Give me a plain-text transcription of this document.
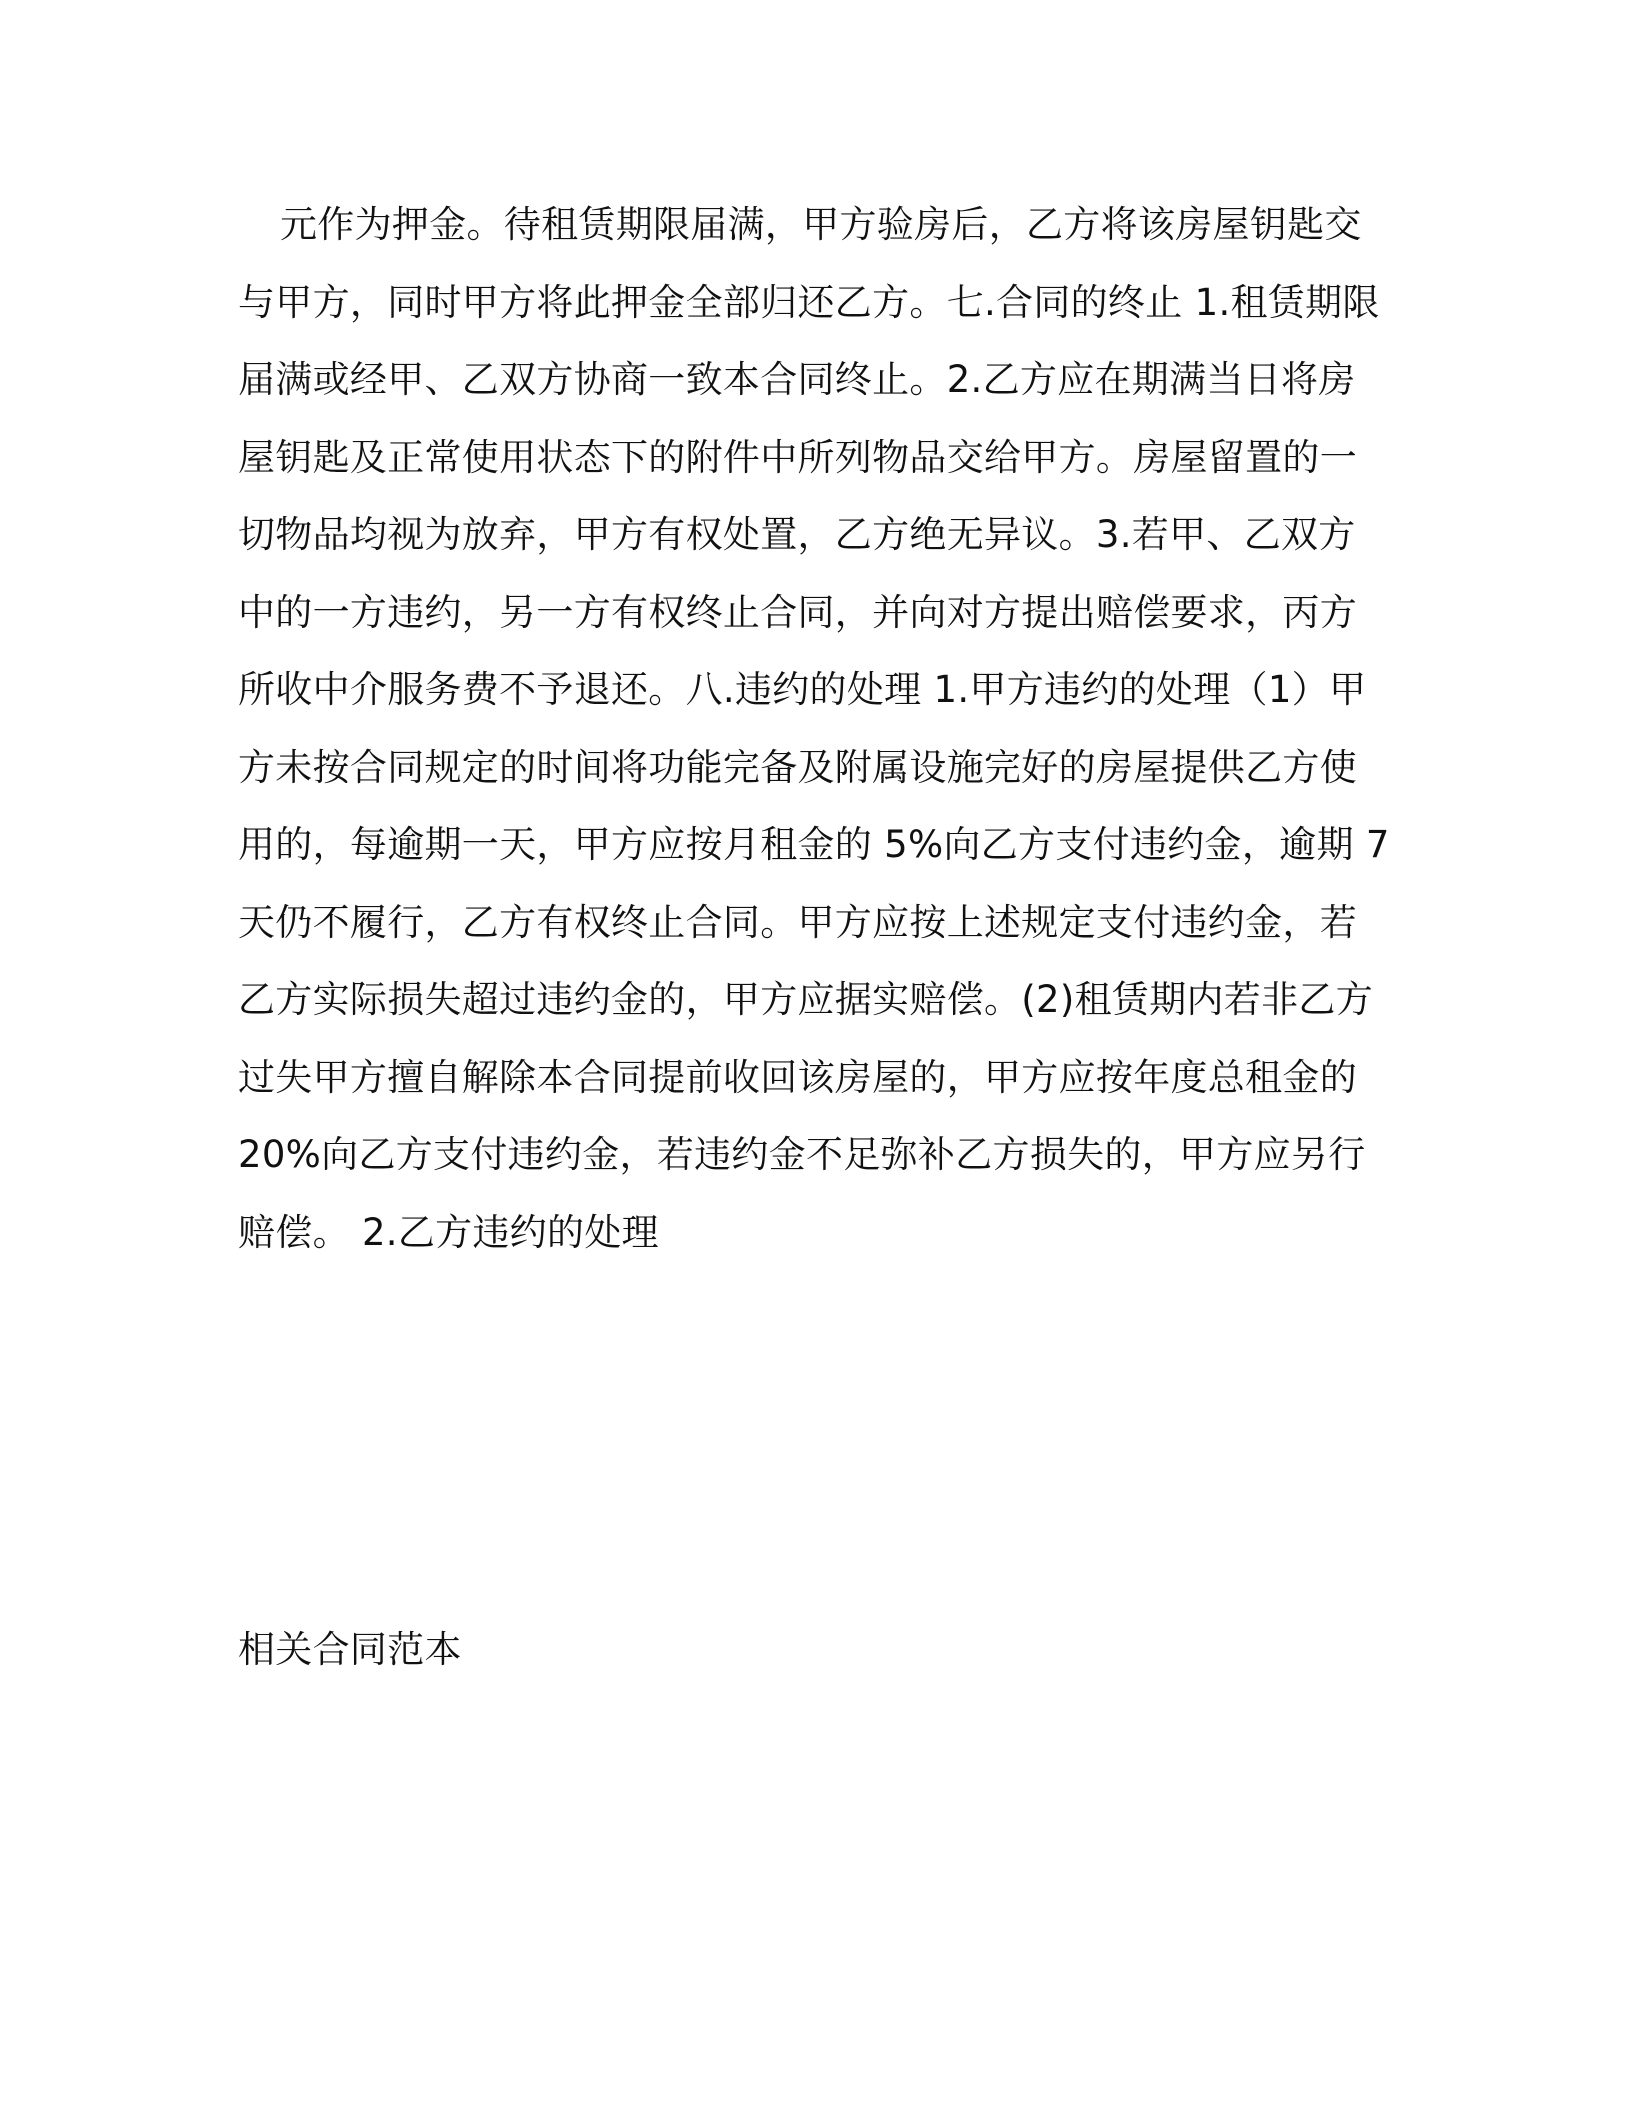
元作为押金。待租赁期限届满，甲方验房后，乙方将该房屋钥匙交
与甲方，同时甲方将此押金全部归还乙方。七.合同的终止 1.租赁期限
届满或经甲、乙双方协商一致本合同终止。2.乙方应在期满当日将房
屋钥匙及正常使用状态下的附件中所列物品交给甲方。房屋留置的一
切物品均视为放弃，甲方有权处置，乙方绝无异议。3.若甲、乙双方
中的一方违约，另一方有权终止合同，并向对方提出赔偿要求，丙方
所收中介服务费不予退还。八.违约的处理 1.甲方违约的处理（1）甲
方未按合同规定的时间将功能完备及附属设施完好的房屋提供乙方使
用的，每逾期一天，甲方应按月租金的 5%向乙方支付违约金，逾期 7
天仍不履行，乙方有权终止合同。甲方应按上述规定支付违约金，若
乙方实际损失超过违约金的，甲方应据实赔偿。(2)租赁期内若非乙方
过失甲方擅自解除本合同提前收回该房屋的，甲方应按年度总租金的
20%向乙方支付违约金，若违约金不足弥补乙方损失的，甲方应另行
赔偿。 2.乙方违约的处理
相关合同范本
